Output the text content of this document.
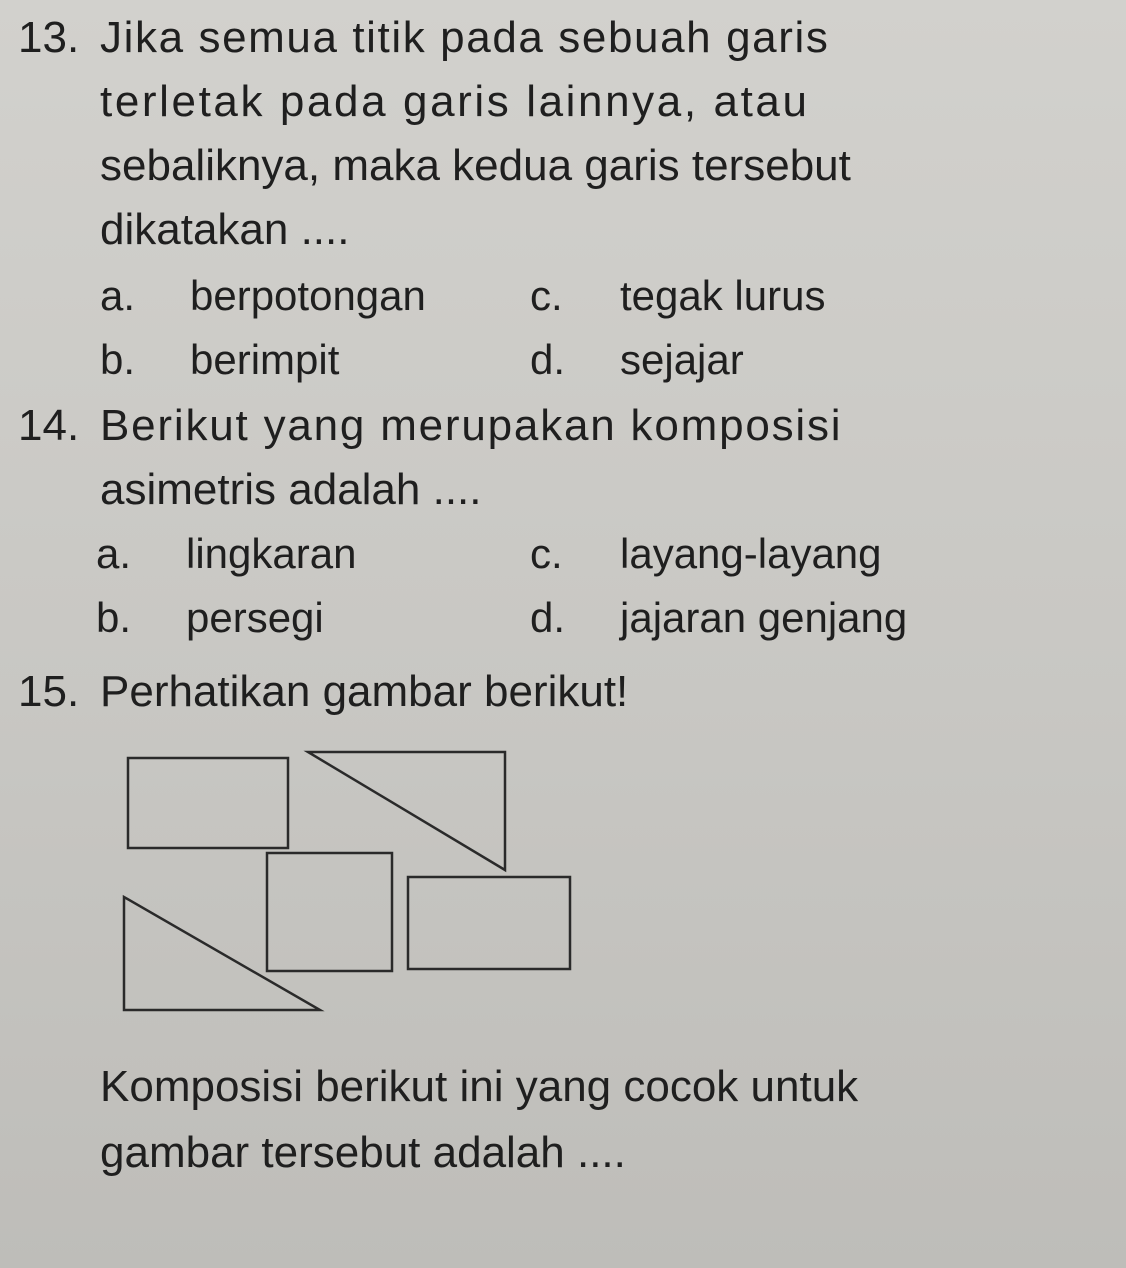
13. Jika semua titik pada sebuah garis
terletak pada garis lainnya, atau
sebaliknya, maka kedua garis tersebut
dikatakan ....
a. berpotongan c. tegak lurus
b. berimpit	d. sejajar
14. Berikut yang merupakan komposisi
asimetris adalah ....
a. lingkaran	c. layang-layang
b. persegi	d. jajaran genjang
15. Perhatikan gambar berikut!
Komposisi berikut ini yang cocok untuk
gambar tersebut adalah ....
